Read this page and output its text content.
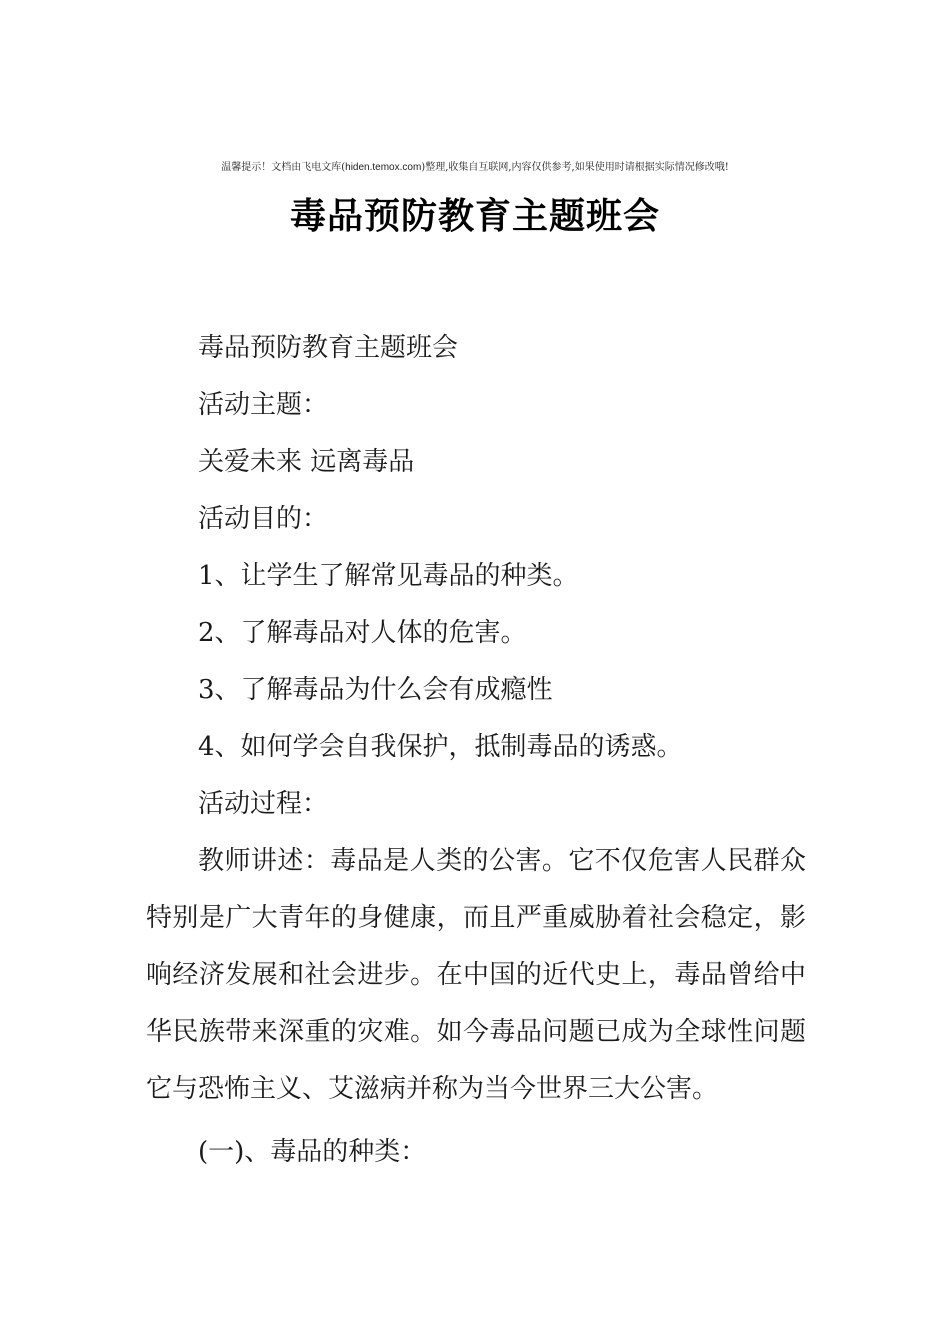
温馨提示！文档由飞电文库(hiden.temox.com)整理,收集自互联网,内容仅供参考,如果使用时请根据实际情况修改哦!
毒品预防教育主题班会

毒品预防教育主题班会

活动主题：

关爱未来 远离毒品

活动目的：

1、让学生了解常见毒品的种类。

2、了解毒品对人体的危害。

3、了解毒品为什么会有成瘾性

4、如何学会自我保护，抵制毒品的诱惑。

活动过程：

教师讲述：毒品是人类的公害。它不仅危害人民群众特别是广大青年的身健康，而且严重威胁着社会稳定，影响经济发展和社会进步。在中国的近代史上，毒品曾给中华民族带来深重的灾难。如今毒品问题已成为全球性问题它与恐怖主义、艾滋病并称为当今世界三大公害。

(一)、毒品的种类：
